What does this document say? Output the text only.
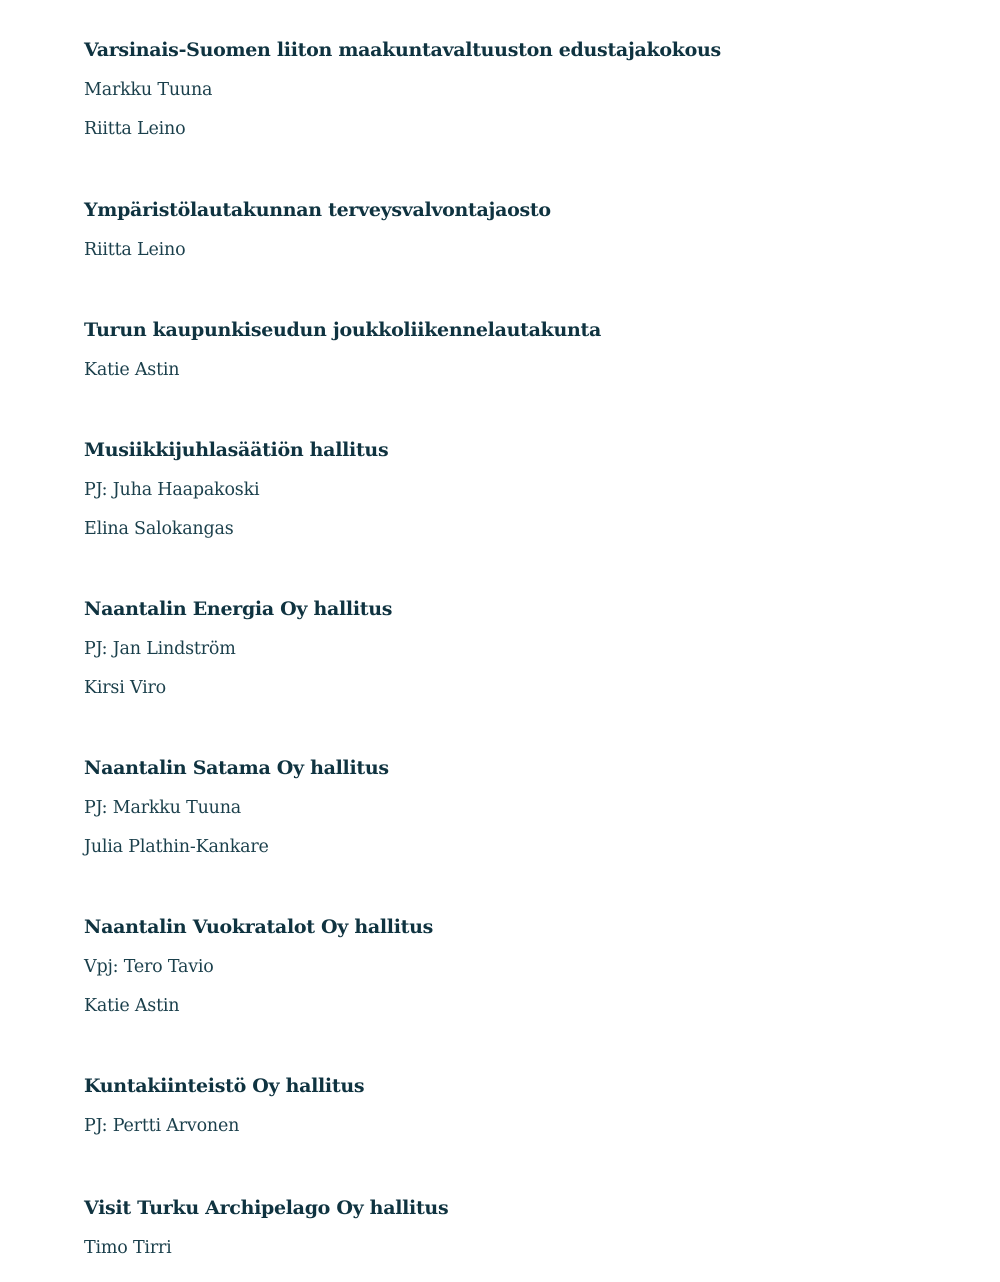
Varsinais-Suomen liiton maakuntavaltuuston edustajakokous

Markku Tuuna

Riitta Leino

Ympäristölautakunnan terveysvalvontajaosto

Riitta Leino

Turun kaupunkiseudun joukkoliikennelautakunta

Katie Astin

Musiikkijuhlasäätiön hallitus

PJ: Juha Haapakoski

Elina Salokangas

Naantalin Energia Oy hallitus

PJ: Jan Lindström

Kirsi Viro

Naantalin Satama Oy hallitus

PJ: Markku Tuuna

Julia Plathin-Kankare

Naantalin Vuokratalot Oy hallitus

Vpj: Tero Tavio

Katie Astin

Kuntakiinteistö Oy hallitus

PJ: Pertti Arvonen

Visit Turku Archipelago Oy hallitus

Timo Tirri
